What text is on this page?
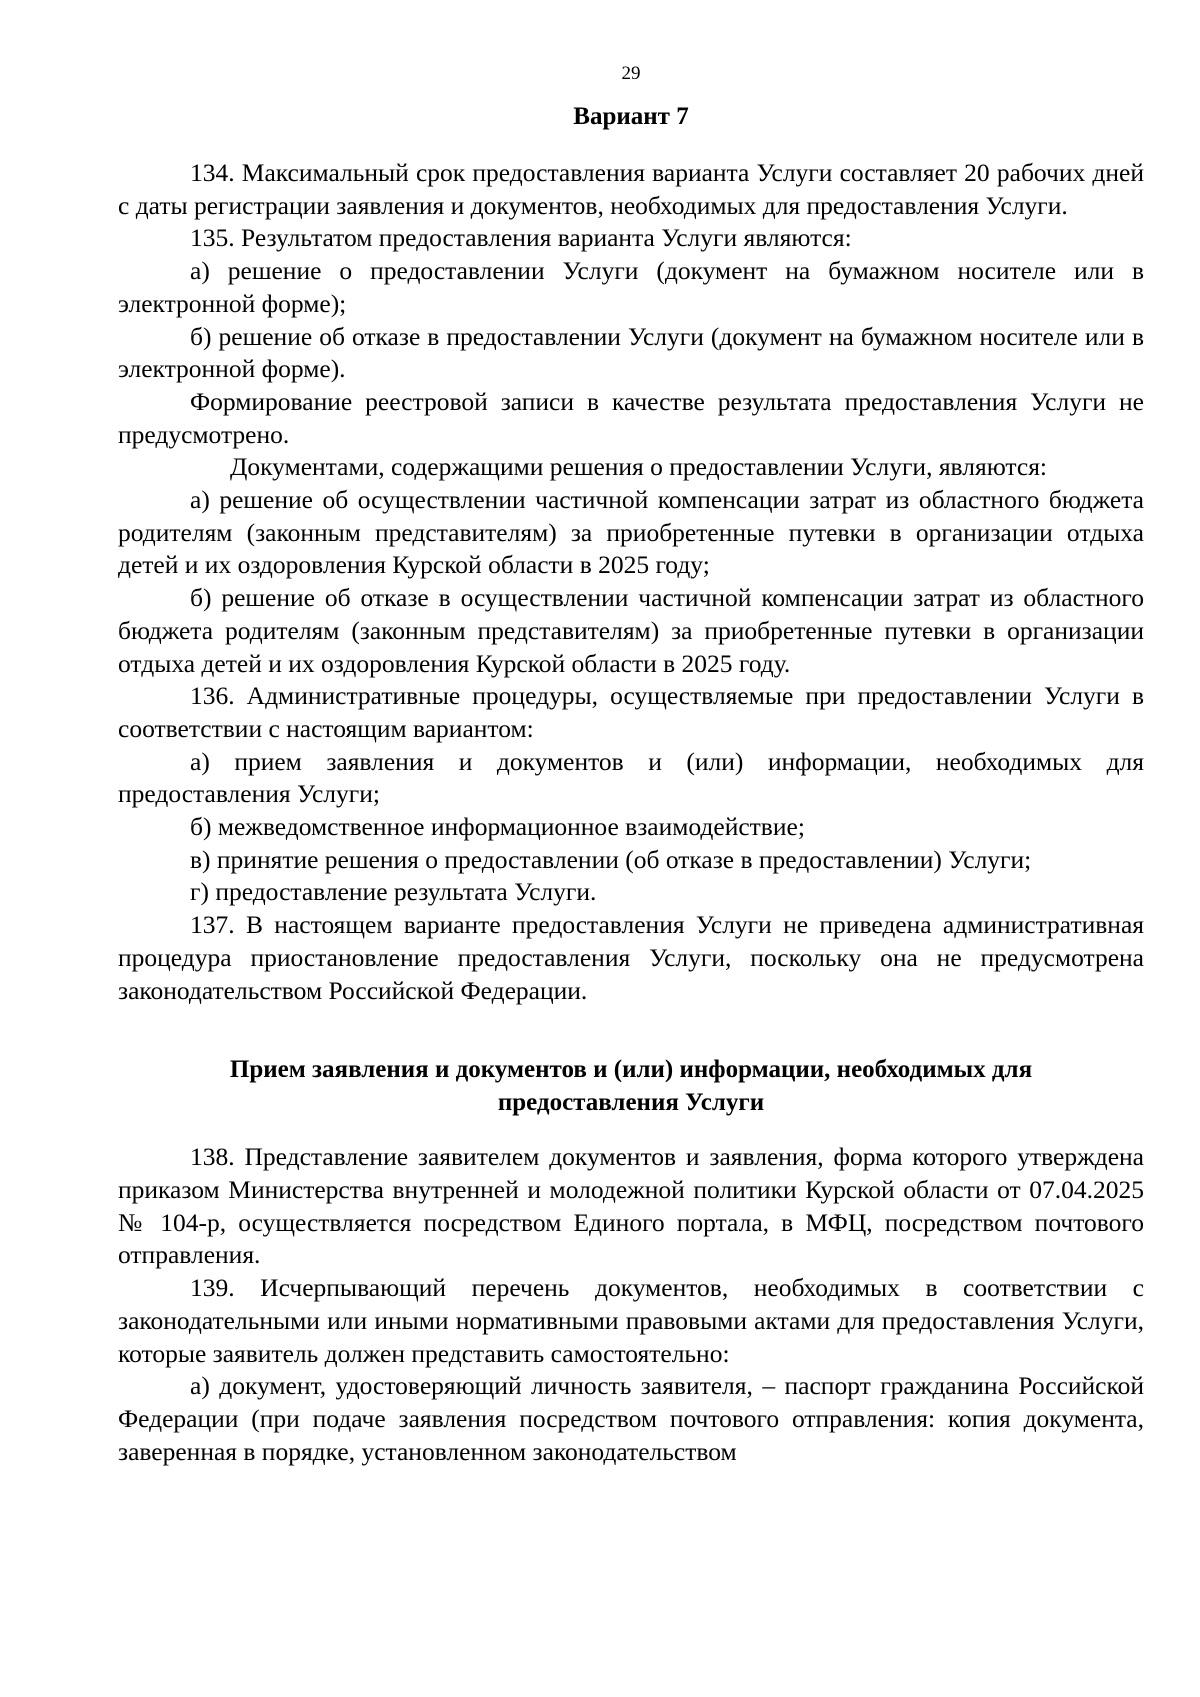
29
Вариант 7

134. Максимальный срок предоставления варианта Услуги составляет 20 рабочих дней с даты регистрации заявления и документов, необходимых для предоставления Услуги.

135. Результатом предоставления варианта Услуги являются:

а) решение о предоставлении Услуги (документ на бумажном носителе или в электронной форме);

б) решение об отказе в предоставлении Услуги (документ на бумажном носителе или в электронной форме).

Формирование реестровой записи в качестве результата предоставления Услуги не предусмотрено.

Документами, содержащими решения о предоставлении Услуги, являются:

а) решение об осуществлении частичной компенсации затрат из областного бюджета родителям (законным представителям) за приобретенные путевки в организации отдыха детей и их оздоровления Курской области в 2025 году;

б) решение об отказе в осуществлении частичной компенсации затрат из областного бюджета родителям (законным представителям) за приобретенные путевки в организации отдыха детей и их оздоровления Курской области в 2025 году.

136. Административные процедуры, осуществляемые при предоставлении Услуги в соответствии с настоящим вариантом:

а) прием заявления и документов и (или) информации, необходимых для предоставления Услуги;

б) межведомственное информационное взаимодействие;

в) принятие решения о предоставлении (об отказе в предоставлении) Услуги;

г) предоставление результата Услуги.

137. В настоящем варианте предоставления Услуги не приведена административная процедура приостановление предоставления Услуги, поскольку она не предусмотрена законодательством Российской Федерации.

Прием заявления и документов и (или) информации, необходимых для
предоставления Услуги

138. Представление заявителем документов и заявления, форма которого утверждена приказом Министерства внутренней и молодежной политики Курской области от 07.04.2025 № 104-р, осуществляется посредством Единого портала, в МФЦ, посредством почтового отправления.

139. Исчерпывающий перечень документов, необходимых в соответствии с законодательными или иными нормативными правовыми актами для предоставления Услуги, которые заявитель должен представить самостоятельно:

а) документ, удостоверяющий личность заявителя, – паспорт гражданина Российской Федерации (при подаче заявления посредством почтового отправления: копия документа, заверенная в порядке, установленном законодательством
